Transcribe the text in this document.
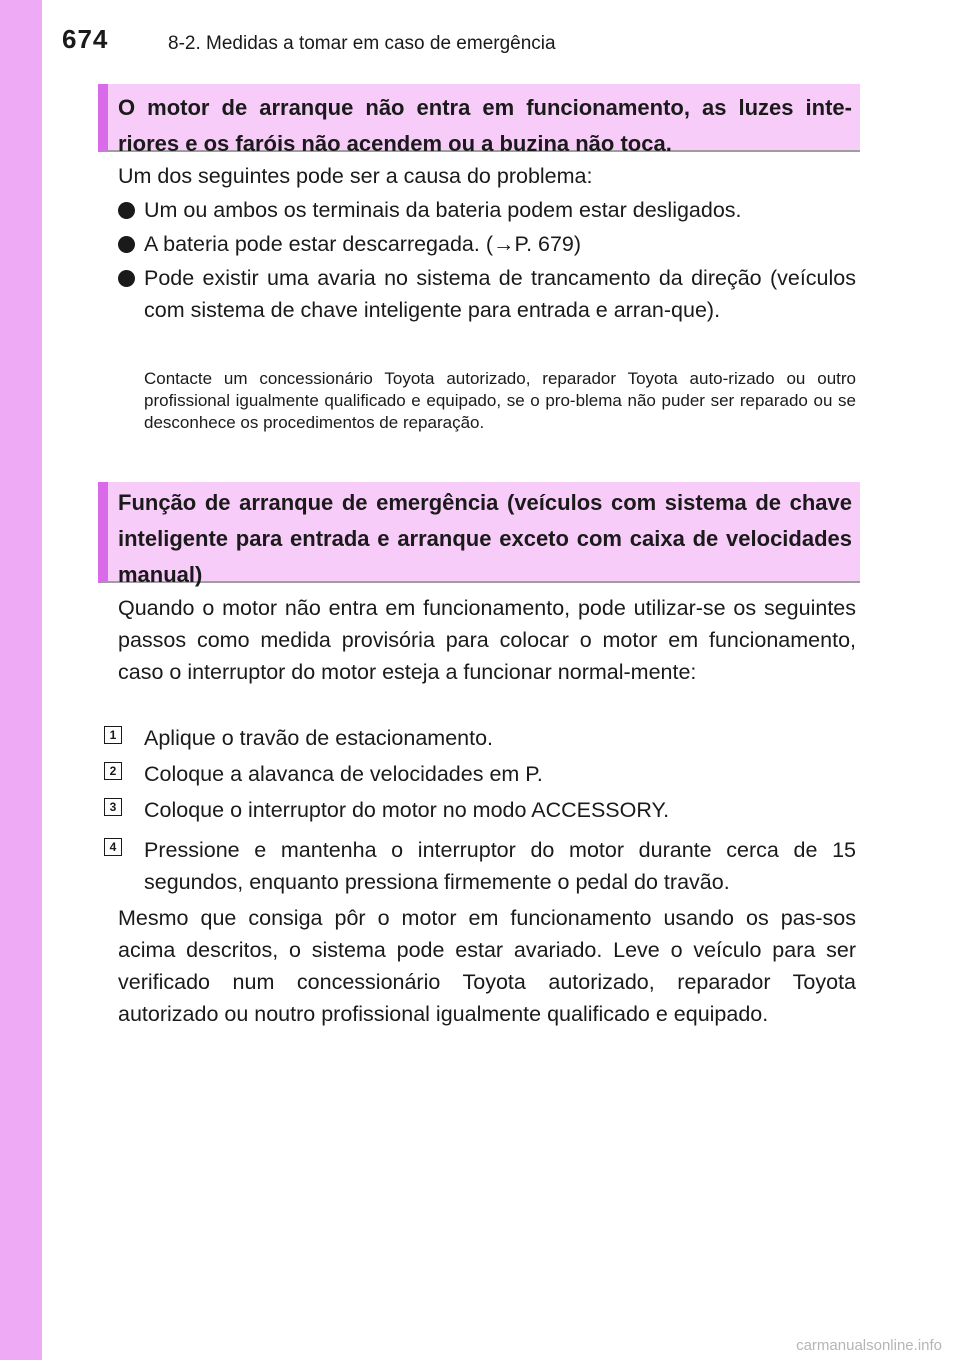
674	8-2. Medidas a tomar em caso de emergência
O motor de arranque não entra em funcionamento, as luzes inte-riores e os faróis não acendem ou a buzina não toca.
Um dos seguintes pode ser a causa do problema:
Um ou ambos os terminais da bateria podem estar desligados.
A bateria pode estar descarregada. (→P. 679)
Pode existir uma avaria no sistema de trancamento da direção (veículos com sistema de chave inteligente para entrada e arran-que).
Contacte um concessionário Toyota autorizado, reparador Toyota auto-rizado ou outro profissional igualmente qualificado e equipado, se o pro-blema não puder ser reparado ou se desconhece os procedimentos de reparação.
Função de arranque de emergência (veículos com sistema de chave inteligente para entrada e arranque exceto com caixa de velocidades manual)
Quando o motor não entra em funcionamento, pode utilizar-se os seguintes passos como medida provisória para colocar o motor em funcionamento, caso o interruptor do motor esteja a funcionar normal-mente:
1 Aplique o travão de estacionamento.
2 Coloque a alavanca de velocidades em P.
3 Coloque o interruptor do motor no modo ACCESSORY.
4 Pressione e mantenha o interruptor do motor durante cerca de 15 segundos, enquanto pressiona firmemente o pedal do travão.
Mesmo que consiga pôr o motor em funcionamento usando os pas-sos acima descritos, o sistema pode estar avariado. Leve o veículo para ser verificado num concessionário Toyota autorizado, reparador Toyota autorizado ou noutro profissional igualmente qualificado e equipado.
carmanualsonline.info
